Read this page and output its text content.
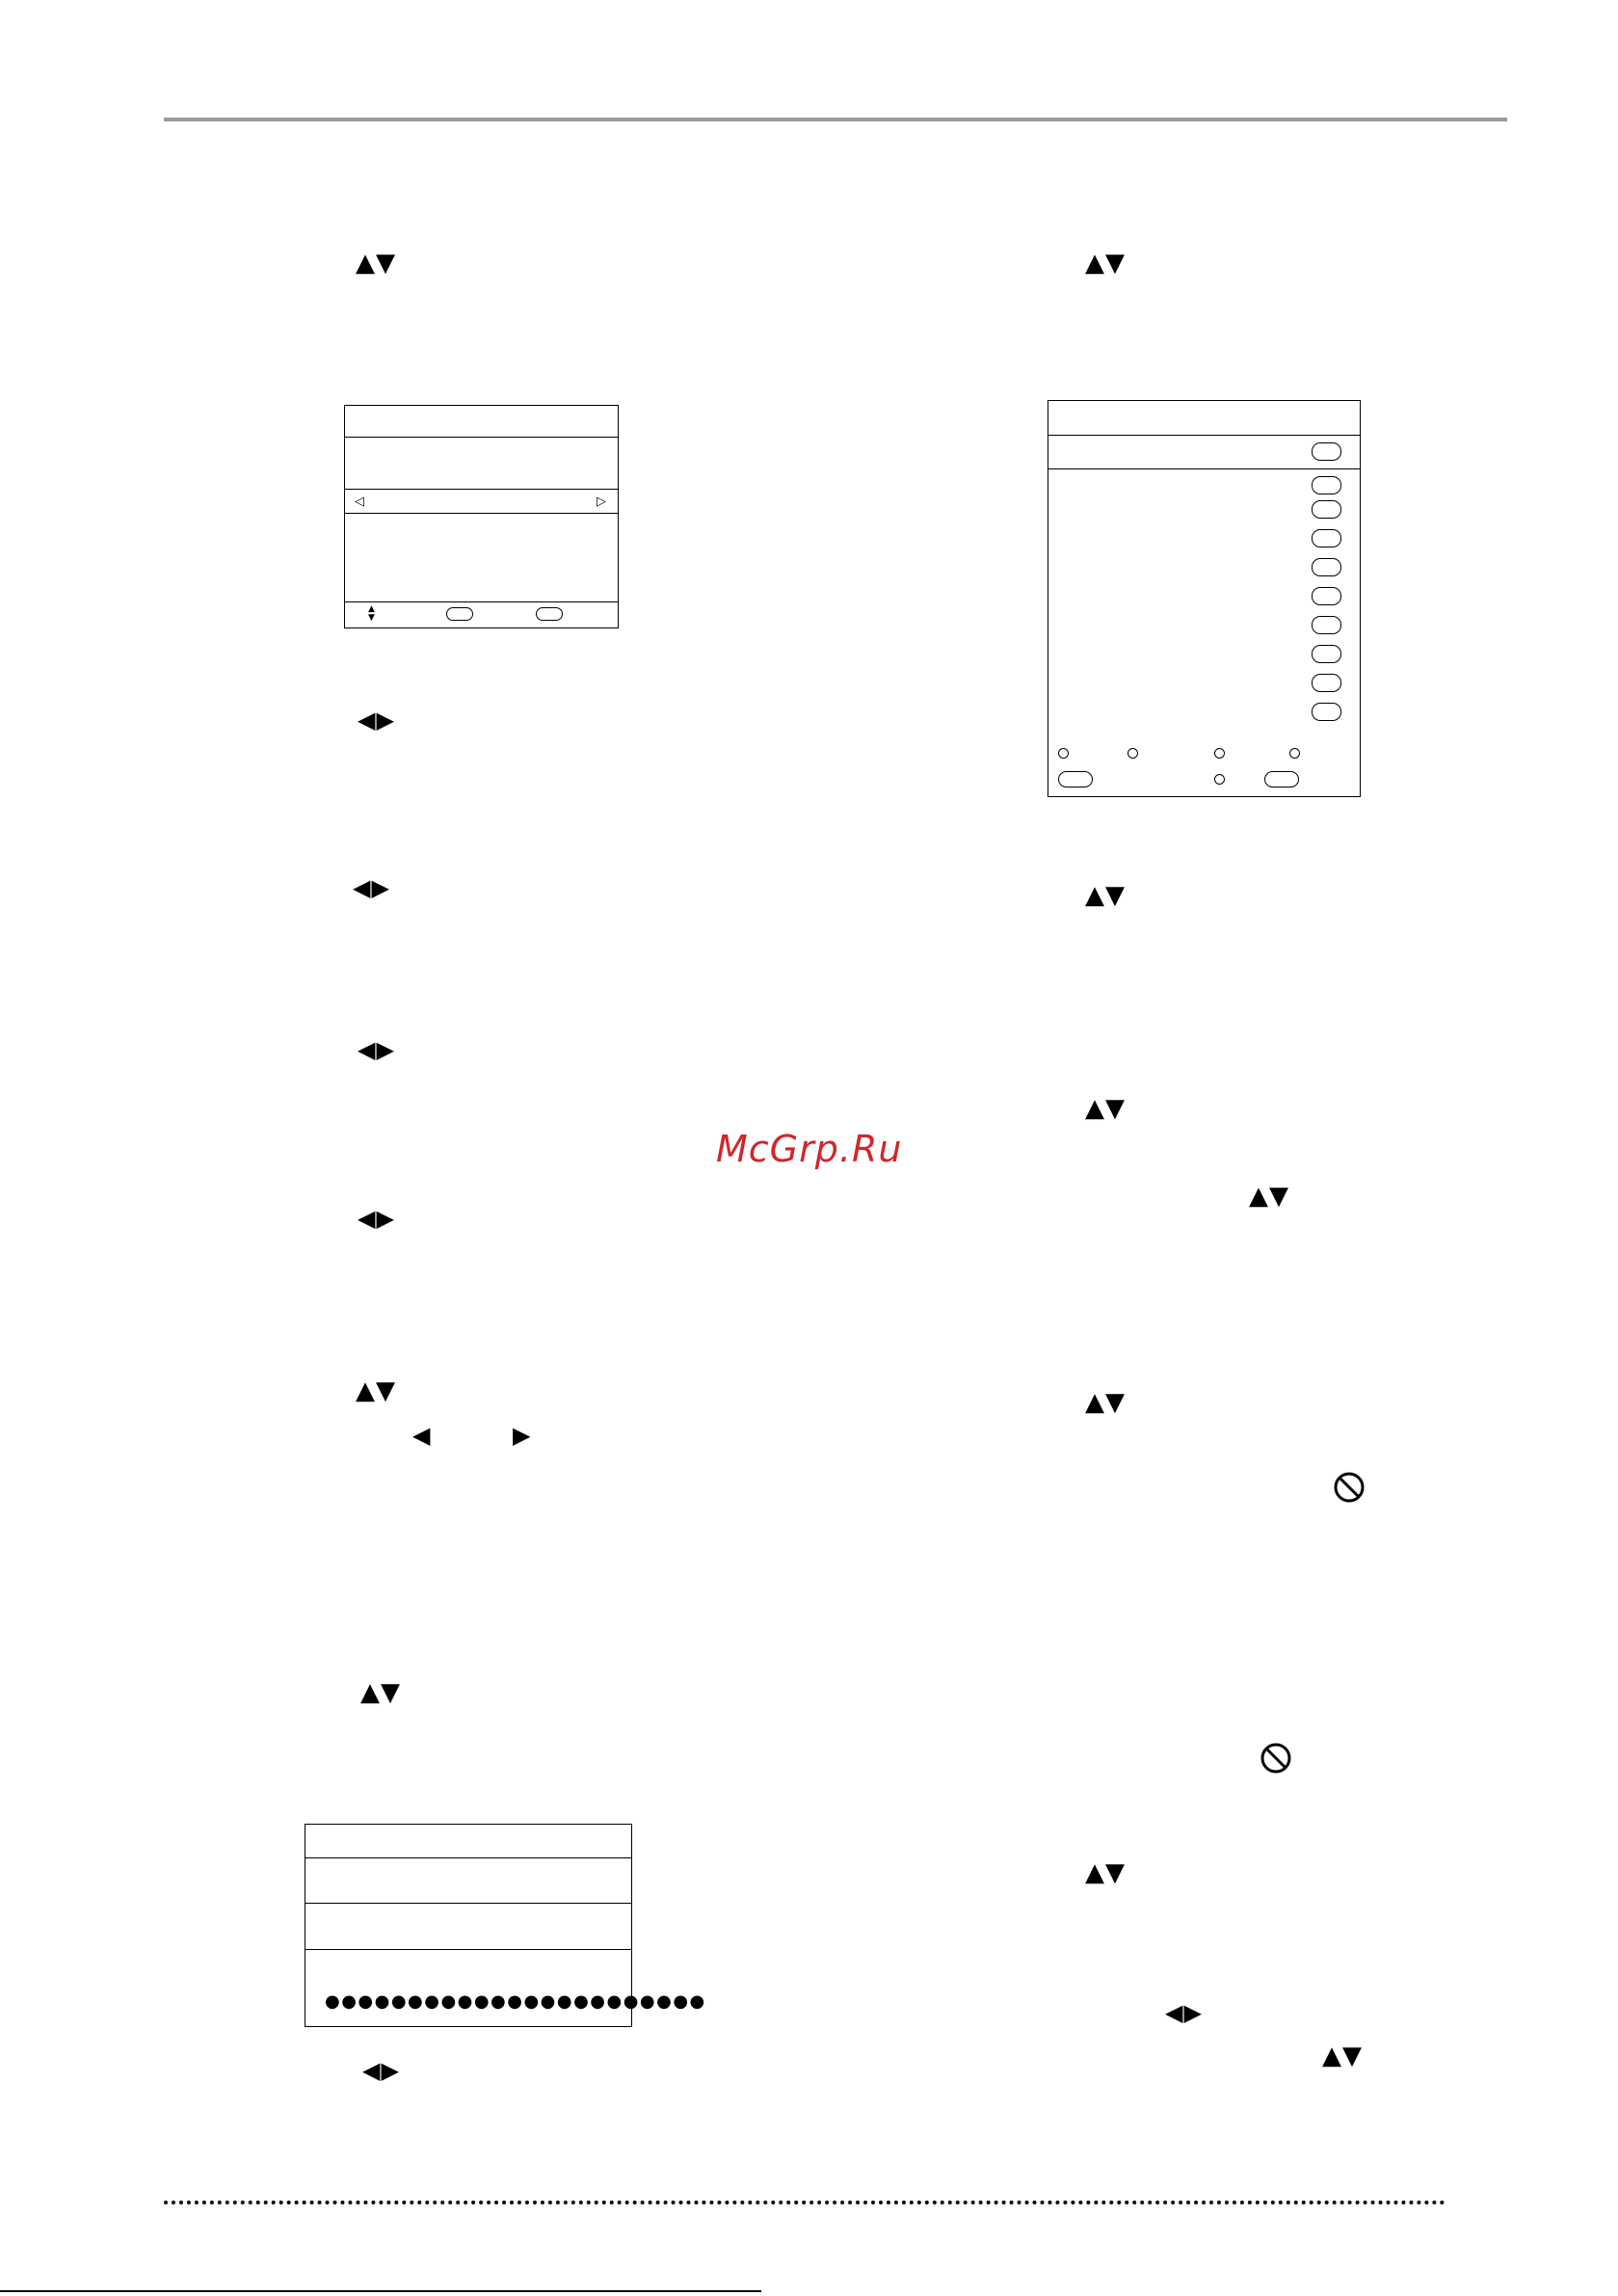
▲▼
◁	▷
▲
▼
◀▶
◀▶
◀▶
◀▶
▲▼
◀	▶
▲▼
●●●●●●●●●●●●●●●●●●●●●●●
◀▶
McGrp.Ru
▲▼
▲▼
▲▼
▲▼
▲▼
▲▼
◀▶
▲▼
